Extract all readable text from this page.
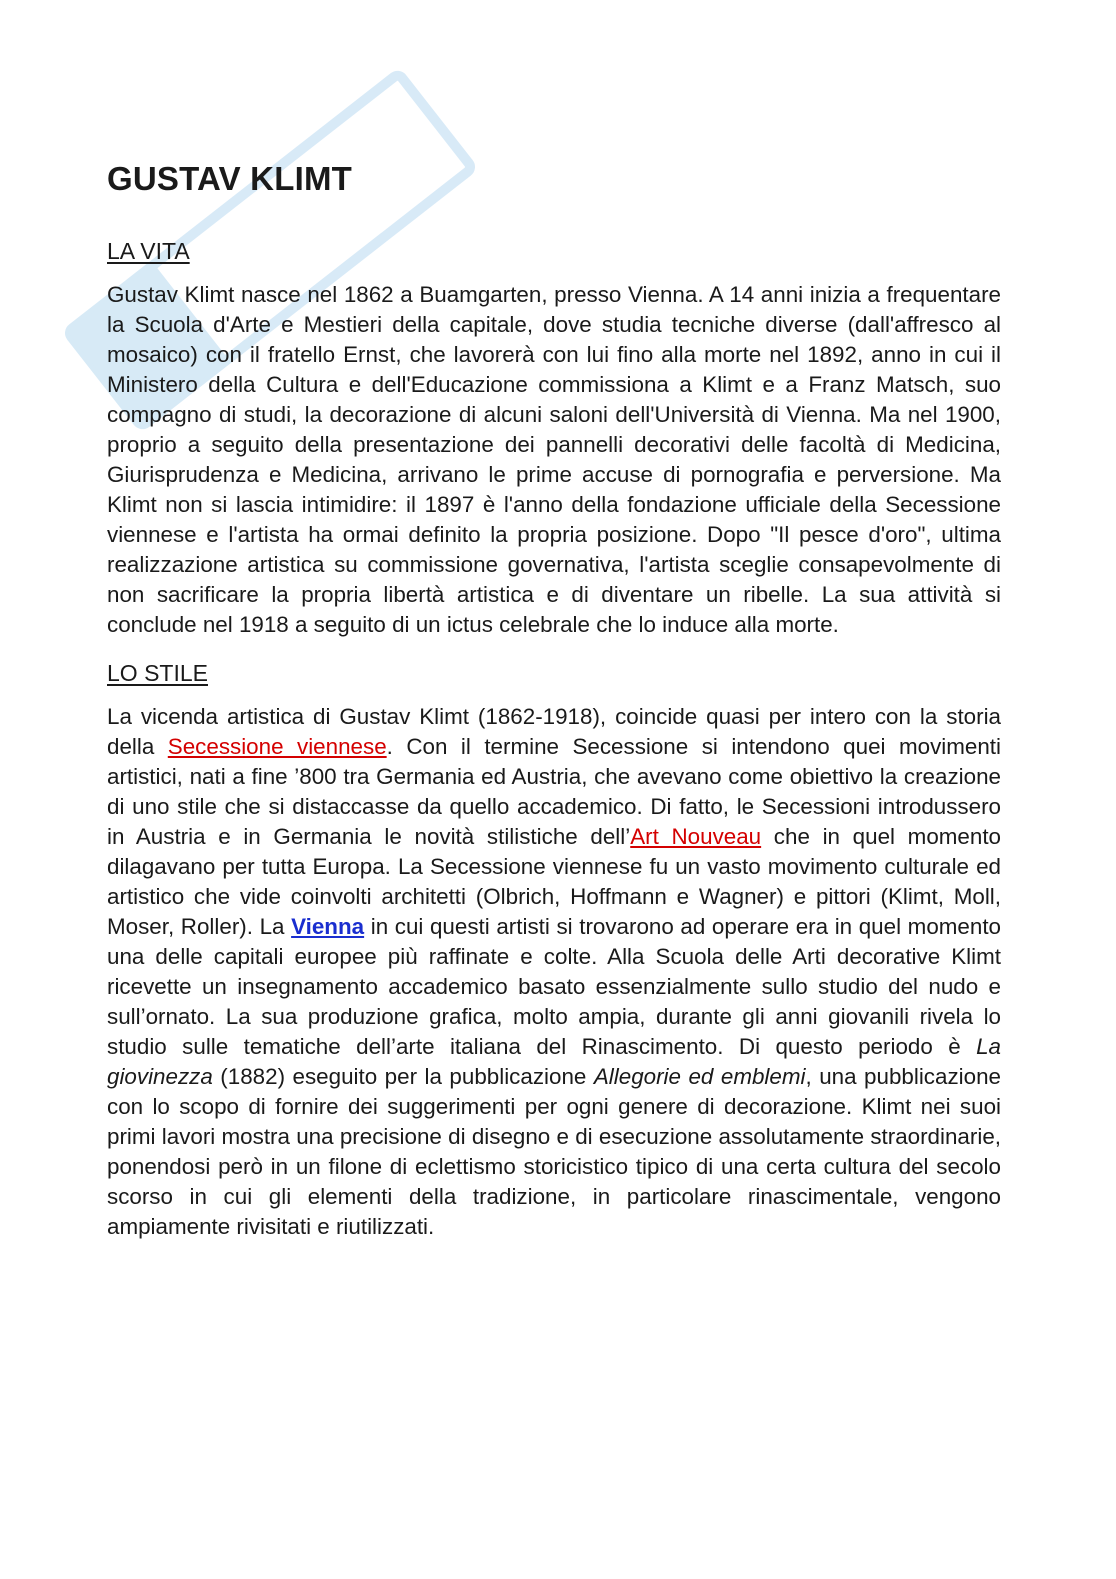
GUSTAV KLIMT
LA VITA

Gustav Klimt nasce nel 1862 a Buamgarten, presso Vienna. A 14 anni inizia a frequentare la Scuola d'Arte e Mestieri della capitale, dove studia tecniche diverse (dall'affresco al mosaico) con il fratello Ernst, che lavorerà con lui fino alla morte nel 1892, anno in cui il Ministero della Cultura e dell'Educazione commissiona a Klimt e a Franz Matsch, suo compagno di studi, la decorazione di alcuni saloni dell'Università di Vienna. Ma nel 1900, proprio a seguito della presentazione dei pannelli decorativi delle facoltà di Medicina, Giurisprudenza e Medicina, arrivano le prime accuse di pornografia e perversione. Ma Klimt non si lascia intimidire: il 1897 è l'anno della fondazione ufficiale della Secessione viennese e l'artista ha ormai definito la propria posizione. Dopo "Il pesce d'oro", ultima realizzazione artistica su commissione governativa, l'artista sceglie consapevolmente di non sacrificare la propria libertà artistica e di diventare un ribelle. La sua attività si conclude nel 1918 a seguito di un ictus celebrale che lo induce alla morte.

LO STILE

La vicenda artistica di Gustav Klimt (1862-1918), coincide quasi per intero con la storia della Secessione viennese. Con il termine Secessione si intendono quei movimenti artistici, nati a fine ’800 tra Germania ed Austria, che avevano come obiettivo la creazione di uno stile che si distaccasse da quello accademico. Di fatto, le Secessioni introdussero in Austria e in Germania le novità stilistiche dell’Art Nouveau che in quel momento dilagavano per tutta Europa. La Secessione viennese fu un vasto movimento culturale ed artistico che vide coinvolti architetti (Olbrich, Hoffmann e Wagner) e pittori (Klimt, Moll, Moser, Roller). La Vienna in cui questi artisti si trovarono ad operare era in quel momento una delle capitali europee più raffinate e colte. Alla Scuola delle Arti decorative Klimt ricevette un insegnamento accademico basato essenzialmente sullo studio del nudo e sull’ornato. La sua produzione grafica, molto ampia, durante gli anni giovanili rivela lo studio sulle tematiche dell’arte italiana del Rinascimento. Di questo periodo è La giovinezza (1882) eseguito per la pubblicazione Allegorie ed emblemi, una pubblicazione con lo scopo di fornire dei suggerimenti per ogni genere di decorazione. Klimt nei suoi primi lavori mostra una precisione di disegno e di esecuzione assolutamente straordinarie, ponendosi però in un filone di eclettismo storicistico tipico di una certa cultura del secolo scorso in cui gli elementi della tradizione, in particolare rinascimentale, vengono ampiamente rivisitati e riutilizzati.
